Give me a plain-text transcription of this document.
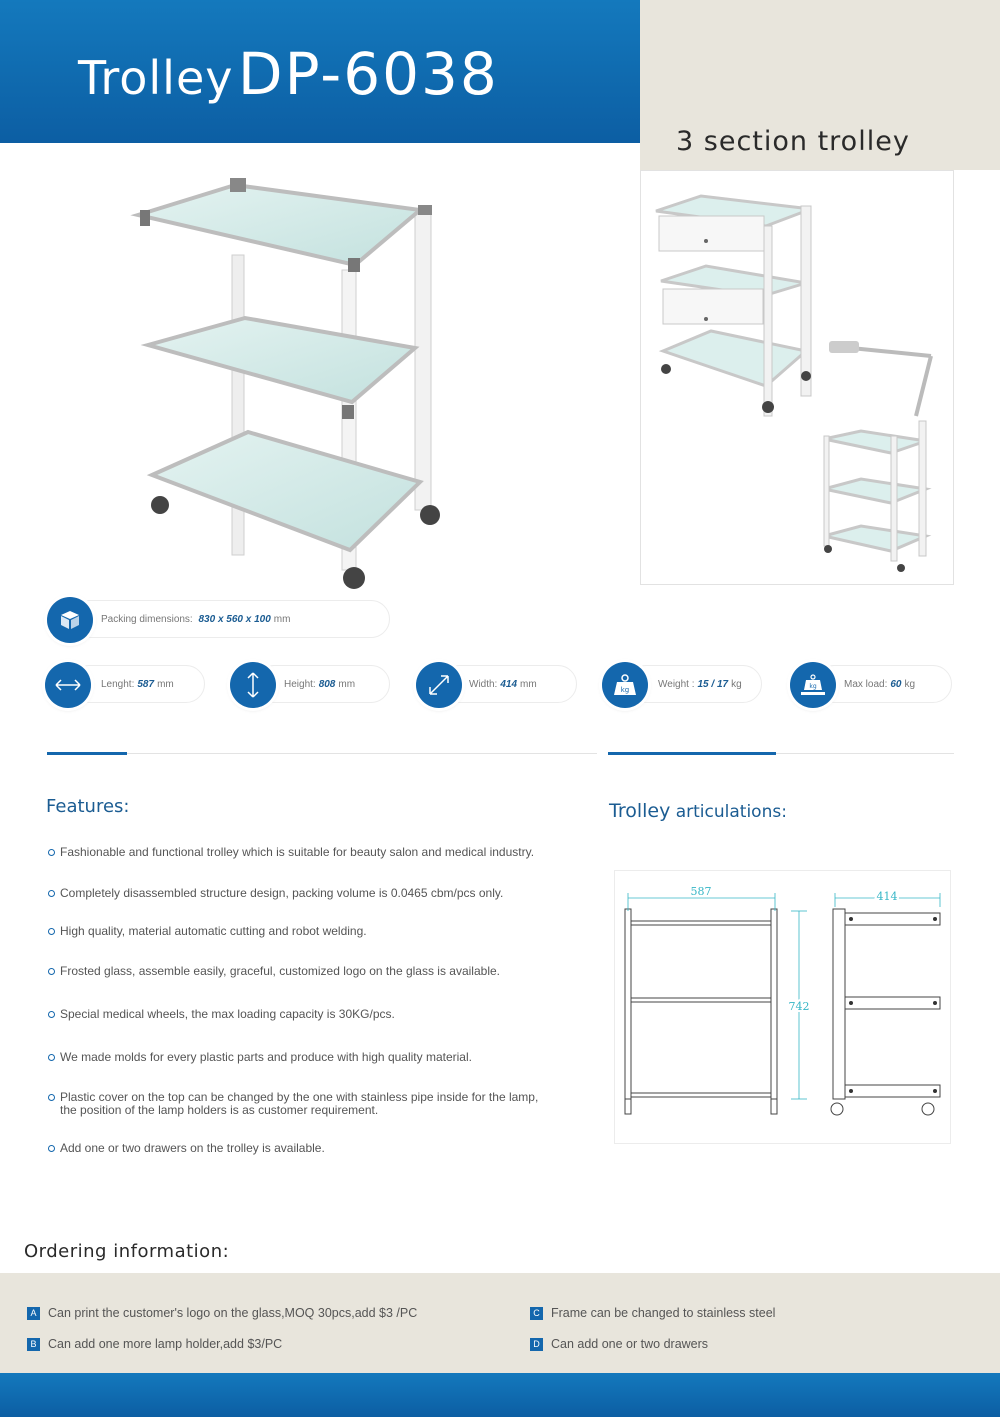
Trolley DP-6038
3 section trolley
Packing dimensions:
830 x 560 x 100 mm
Lenght: 587 mm	Height: 808 mm	Width: 414 mm	Weight : 15 / 17 kg
kg
Max load: 60 kg
kg
Features:
Fashionable and functional trolley which is suitable for beauty salon and medical industry.
Completely disassembled structure design, packing volume is 0.0465 cbm/pcs only.
High quality, material automatic cutting and robot welding.
Frosted glass, assemble easily, graceful, customized logo on the glass is available.
Special medical wheels, the max loading capacity is 30KG/pcs.
We made molds for every plastic parts and produce with high quality material.
Plastic cover on the top can be changed by the one with stainless pipe inside for the lamp, the position of the lamp holders is as customer requirement.
Add one or two drawers on the trolley is available.
Trolley articulations:
587
742
414
Ordering information:
A Can print the customer's logo on the glass,MOQ 30pcs,add $3 /PC
B Can add one more lamp holder,add $3/PC
C Frame can be changed to stainless steel
D Can add one or two drawers
